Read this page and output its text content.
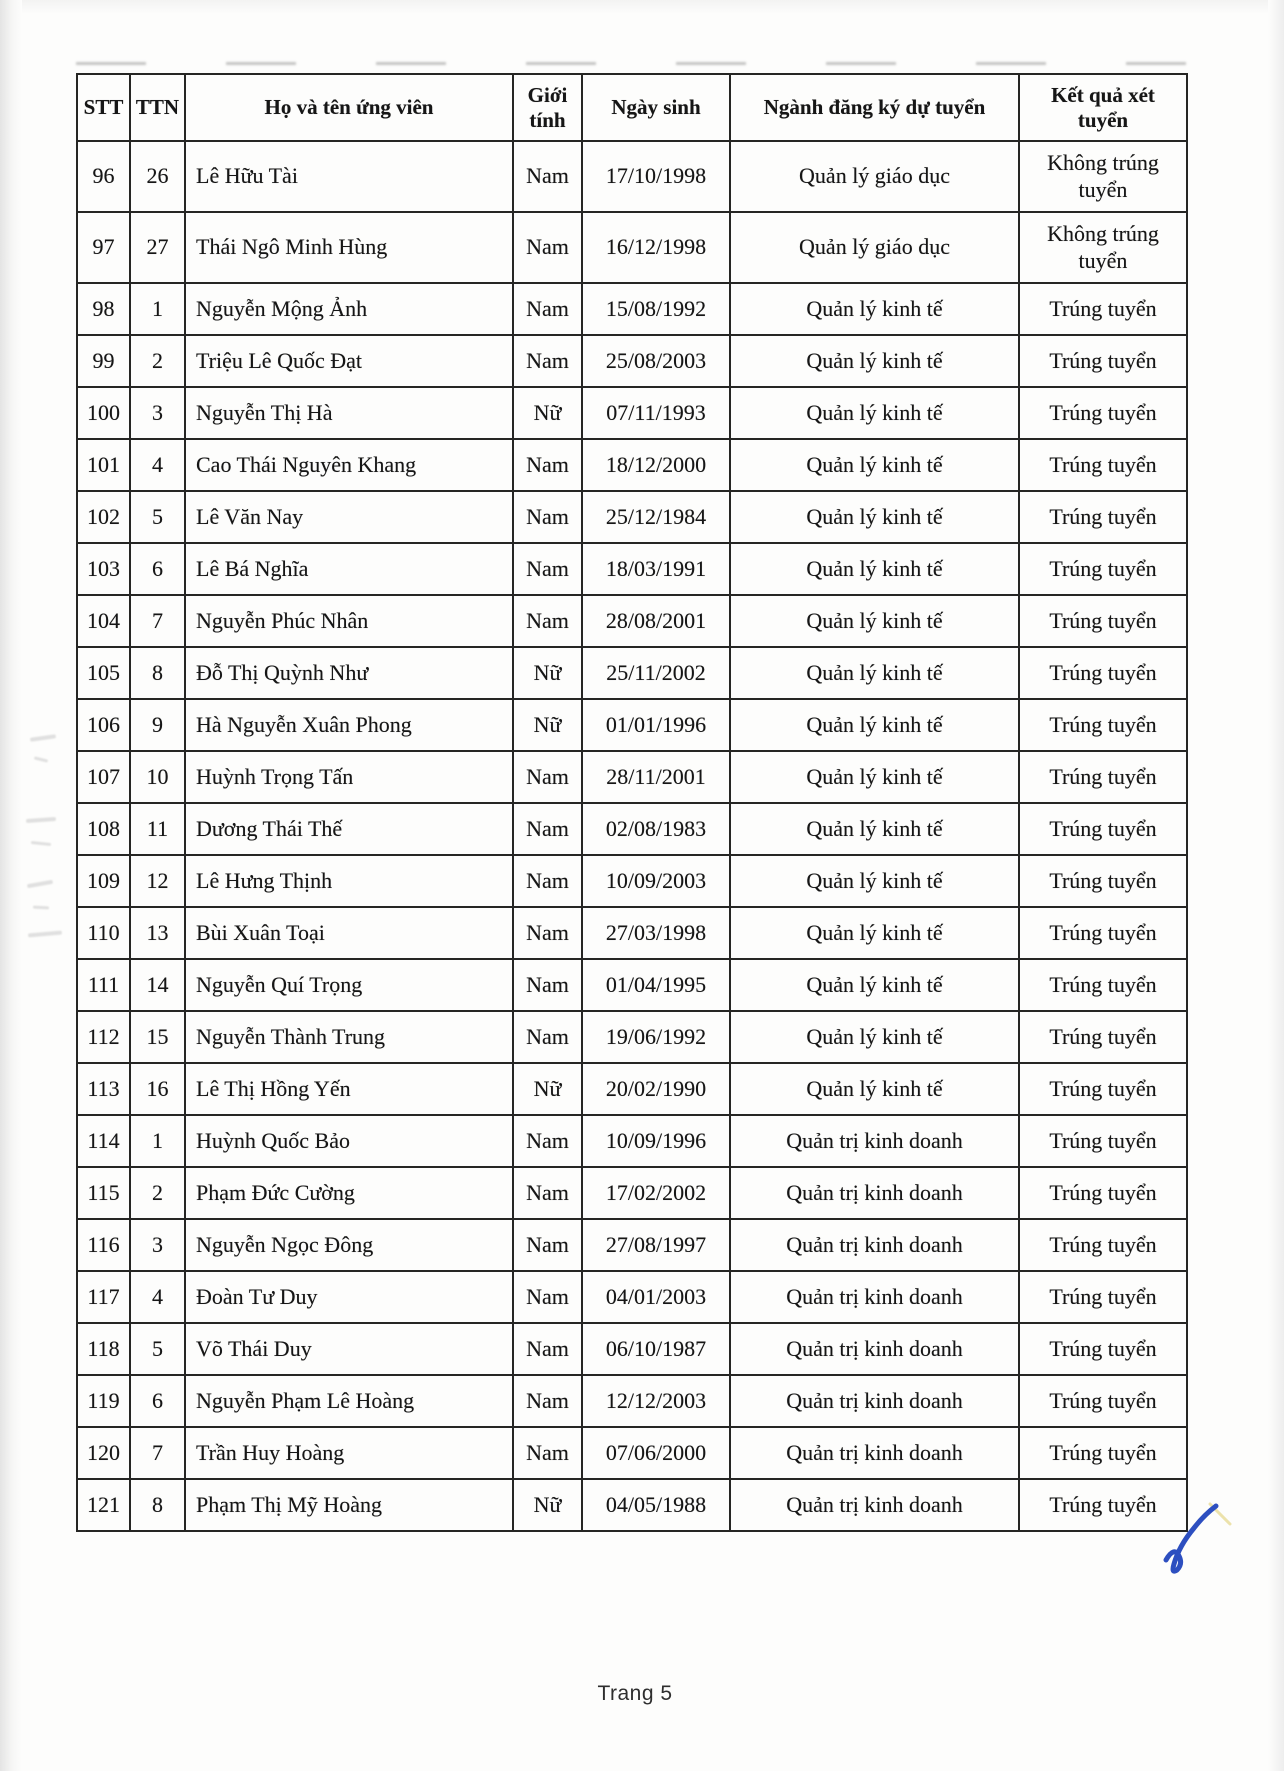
STT	TTN	Họ và tên ứng viên	Giới tính	Ngày sinh	Ngành đăng ký dự tuyển	Kết quả xét tuyển

96	26	Lê Hữu Tài	Nam	17/10/1998	Quản lý giáo dục	Không trúng tuyển
97	27	Thái Ngô Minh Hùng	Nam	16/12/1998	Quản lý giáo dục	Không trúng tuyển
98	1	Nguyễn Mộng Ảnh	Nam	15/08/1992	Quản lý kinh tế	Trúng tuyển
99	2	Triệu Lê Quốc Đạt	Nam	25/08/2003	Quản lý kinh tế	Trúng tuyển
100	3	Nguyễn Thị Hà	Nữ	07/11/1993	Quản lý kinh tế	Trúng tuyển
101	4	Cao Thái Nguyên Khang	Nam	18/12/2000	Quản lý kinh tế	Trúng tuyển
102	5	Lê Văn Nay	Nam	25/12/1984	Quản lý kinh tế	Trúng tuyển
103	6	Lê Bá Nghĩa	Nam	18/03/1991	Quản lý kinh tế	Trúng tuyển
104	7	Nguyễn Phúc Nhân	Nam	28/08/2001	Quản lý kinh tế	Trúng tuyển
105	8	Đỗ Thị Quỳnh Như	Nữ	25/11/2002	Quản lý kinh tế	Trúng tuyển
106	9	Hà Nguyễn Xuân Phong	Nữ	01/01/1996	Quản lý kinh tế	Trúng tuyển
107	10	Huỳnh Trọng Tấn	Nam	28/11/2001	Quản lý kinh tế	Trúng tuyển
108	11	Dương Thái Thế	Nam	02/08/1983	Quản lý kinh tế	Trúng tuyển
109	12	Lê Hưng Thịnh	Nam	10/09/2003	Quản lý kinh tế	Trúng tuyển
110	13	Bùi Xuân Toại	Nam	27/03/1998	Quản lý kinh tế	Trúng tuyển
111	14	Nguyễn Quí Trọng	Nam	01/04/1995	Quản lý kinh tế	Trúng tuyển
112	15	Nguyễn Thành Trung	Nam	19/06/1992	Quản lý kinh tế	Trúng tuyển
113	16	Lê Thị Hồng Yến	Nữ	20/02/1990	Quản lý kinh tế	Trúng tuyển
114	1	Huỳnh Quốc Bảo	Nam	10/09/1996	Quản trị kinh doanh	Trúng tuyển
115	2	Phạm Đức Cường	Nam	17/02/2002	Quản trị kinh doanh	Trúng tuyển
116	3	Nguyễn Ngọc Đông	Nam	27/08/1997	Quản trị kinh doanh	Trúng tuyển
117	4	Đoàn Tư Duy	Nam	04/01/2003	Quản trị kinh doanh	Trúng tuyển
118	5	Võ Thái Duy	Nam	06/10/1987	Quản trị kinh doanh	Trúng tuyển
119	6	Nguyễn Phạm Lê Hoàng	Nam	12/12/2003	Quản trị kinh doanh	Trúng tuyển
120	7	Trần Huy Hoàng	Nam	07/06/2000	Quản trị kinh doanh	Trúng tuyển
121	8	Phạm Thị Mỹ Hoàng	Nữ	04/05/1988	Quản trị kinh doanh	Trúng tuyển
Trang 5
